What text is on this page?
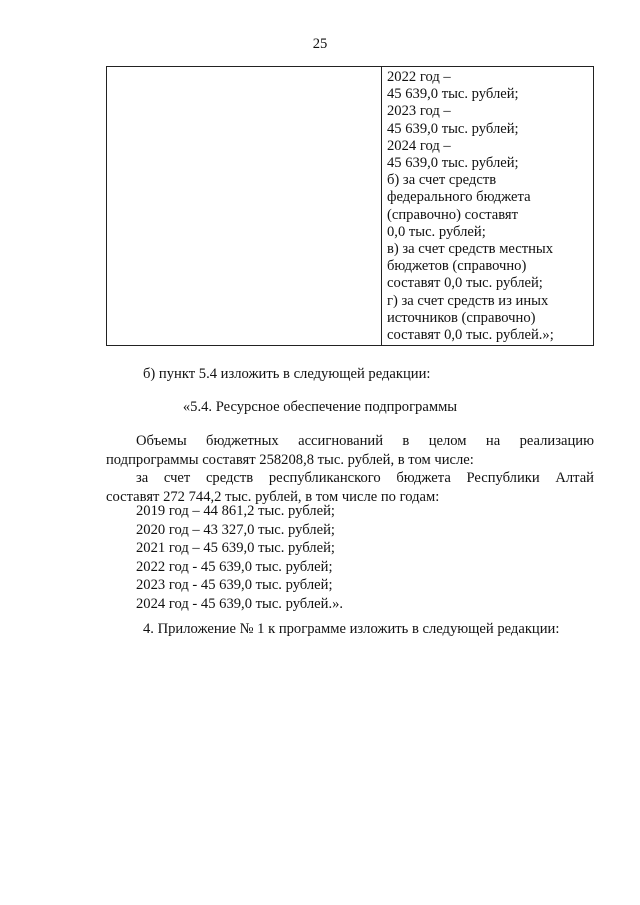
25
2022 год –
45 639,0 тыс. рублей;
2023 год –
45 639,0 тыс. рублей;
2024 год –
45 639,0 тыс. рублей;
б) за счет средств
федерального бюджета
(справочно) составят
0,0 тыс. рублей;
в) за счет средств местных
бюджетов (справочно)
составят 0,0 тыс. рублей;
г) за счет средств из иных
источников (справочно)
составят 0,0 тыс. рублей.»;
б) пункт 5.4 изложить в следующей редакции:
«5.4. Ресурсное обеспечение подпрограммы
Объемы бюджетных ассигнований в целом на реализацию
подпрограммы составят 258208,8 тыс. рублей, в том числе:
за счет средств республиканского бюджета Республики Алтай
составят 272 744,2 тыс. рублей, в том числе по годам:
2019 год – 44 861,2 тыс. рублей;
2020 год – 43 327,0 тыс. рублей;
2021 год – 45 639,0 тыс. рублей;
2022 год - 45 639,0 тыс. рублей;
2023 год - 45 639,0 тыс. рублей;
2024 год - 45 639,0 тыс. рублей.».
4. Приложение № 1 к программе изложить в следующей редакции:
